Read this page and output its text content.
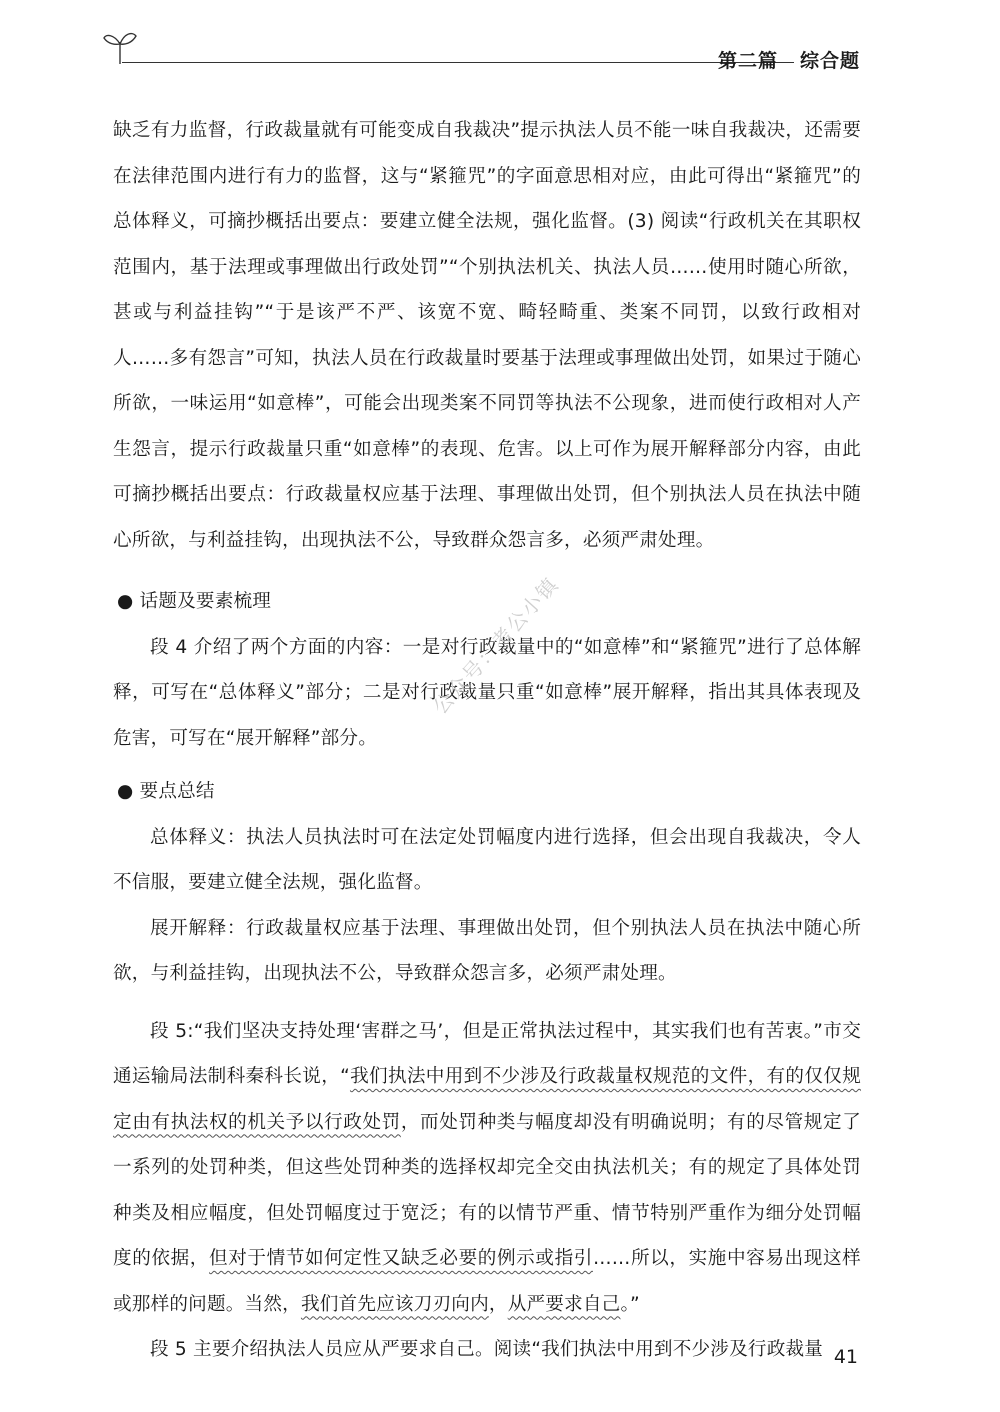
第二篇 综合题

缺乏有力监督，行政裁量就有可能变成自我裁决”提示执法人员不能一味自我裁决，还需要在法律范围内进行有力的监督，这与“紧箍咒”的字面意思相对应，由此可得出“紧箍咒”的总体释义，可摘抄概括出要点：要建立健全法规，强化监督。(3) 阅读“行政机关在其职权范围内，基于法理或事理做出行政处罚”“个别执法机关、执法人员……使用时随心所欲，甚或与利益挂钩”“于是该严不严、该宽不宽、畸轻畸重、类案不同罚，以致行政相对人……多有怨言”可知，执法人员在行政裁量时要基于法理或事理做出处罚，如果过于随心所欲，一味运用“如意棒”，可能会出现类案不同罚等执法不公现象，进而使行政相对人产生怨言，提示行政裁量只重“如意棒”的表现、危害。以上可作为展开解释部分内容，由此可摘抄概括出要点：行政裁量权应基于法理、事理做出处罚，但个别执法人员在执法中随心所欲，与利益挂钩，出现执法不公，导致群众怨言多，必须严肃处理。

● 话题及要素梳理

段 4 介绍了两个方面的内容：一是对行政裁量中的“如意棒”和“紧箍咒”进行了总体解释，可写在“总体释义”部分；二是对行政裁量只重“如意棒”展开解释，指出其具体表现及危害，可写在“展开解释”部分。

● 要点总结

总体释义：执法人员执法时可在法定处罚幅度内进行选择，但会出现自我裁决，令人不信服，要建立健全法规，强化监督。

展开解释：行政裁量权应基于法理、事理做出处罚，但个别执法人员在执法中随心所欲，与利益挂钩，出现执法不公，导致群众怨言多，必须严肃处理。

段 5:“我们坚决支持处理‘害群之马’，但是正常执法过程中，其实我们也有苦衷。”市交通运输局法制科秦科长说，“我们执法中用到不少涉及行政裁量权规范的文件，有的仅仅规定由有执法权的机关予以行政处罚，而处罚种类与幅度却没有明确说明；有的尽管规定了一系列的处罚种类，但这些处罚种类的选择权却完全交由执法机关；有的规定了具体处罚种类及相应幅度，但处罚幅度过于宽泛；有的以情节严重、情节特别严重作为细分处罚幅度的依据，但对于情节如何定性又缺乏必要的例示或指引……所以，实施中容易出现这样或那样的问题。当然，我们首先应该刀刃向内，从严要求自己。”

段 5 主要介绍执法人员应从严要求自己。阅读“我们执法中用到不少涉及行政裁量

公众号：考公小镇
41
